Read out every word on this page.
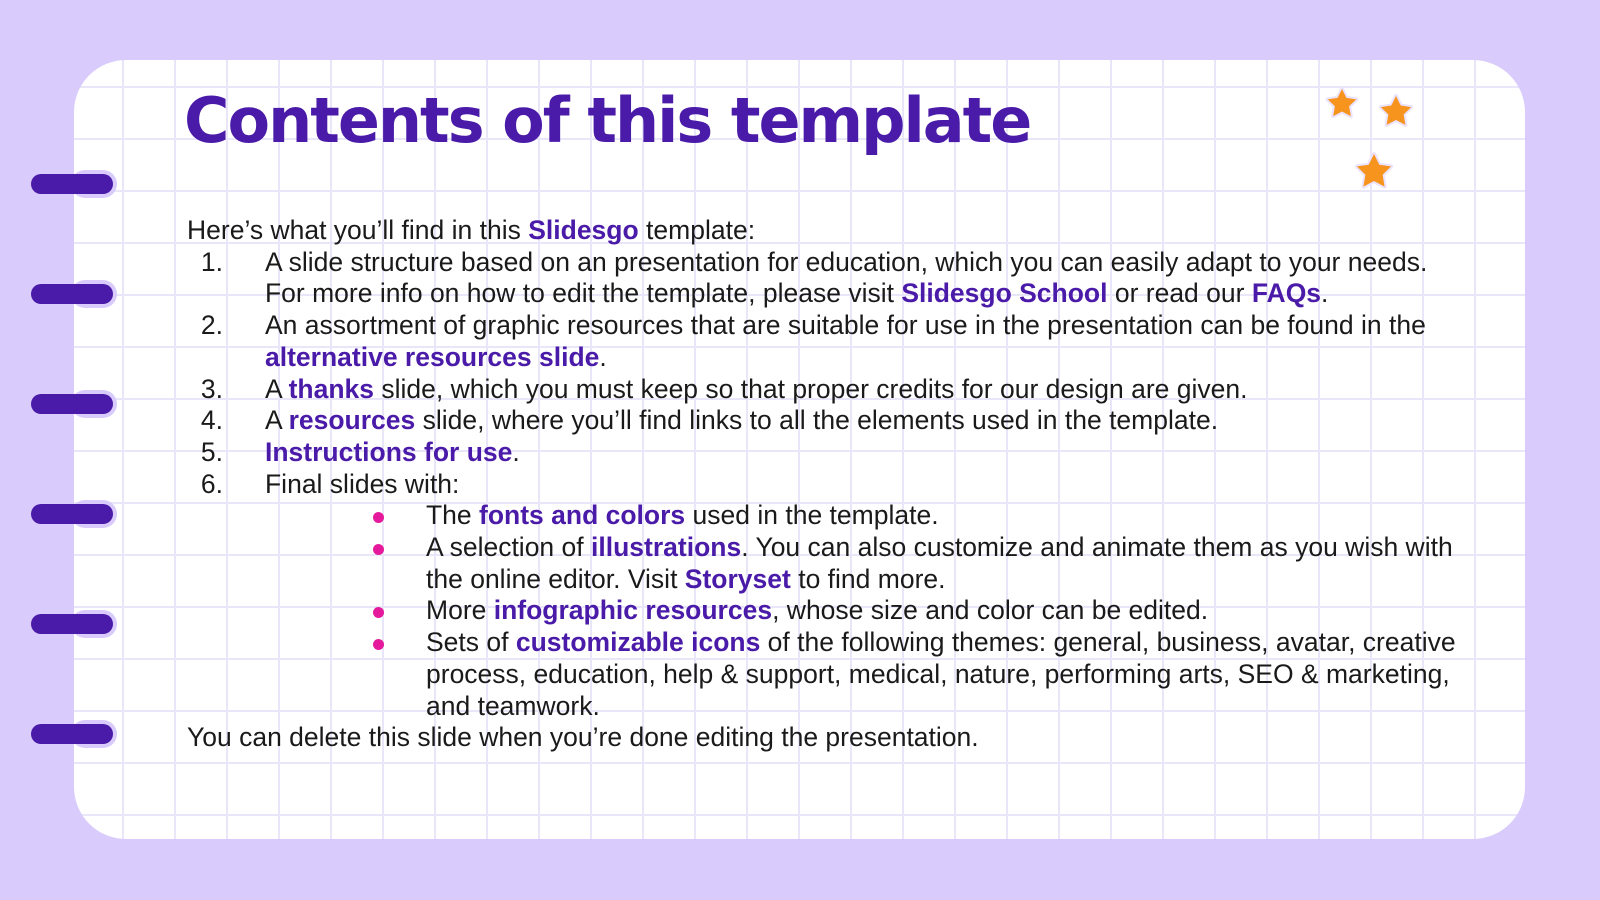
Contents of this template

Here’s what you’ll find in this Slidesgo template:

1.	A slide structure based on an presentation for education, which you can easily adapt to your needs. For more info on how to edit the template, please visit Slidesgo School or read our FAQs.
2.	An assortment of graphic resources that are suitable for use in the presentation can be found in the alternative resources slide.
3.	A thanks slide, which you must keep so that proper credits for our design are given.
4.	A resources slide, where you’ll find links to all the elements used in the template.
5.	Instructions for use.
6.	Final slides with:
The fonts and colors used in the template.
A selection of illustrations. You can also customize and animate them as you wish with the online editor. Visit Storyset to find more.
More infographic resources, whose size and color can be edited.
Sets of customizable icons of the following themes: general, business, avatar, creative process, education, help & support, medical, nature, performing arts, SEO & marketing, and teamwork.

You can delete this slide when you’re done editing the presentation.
